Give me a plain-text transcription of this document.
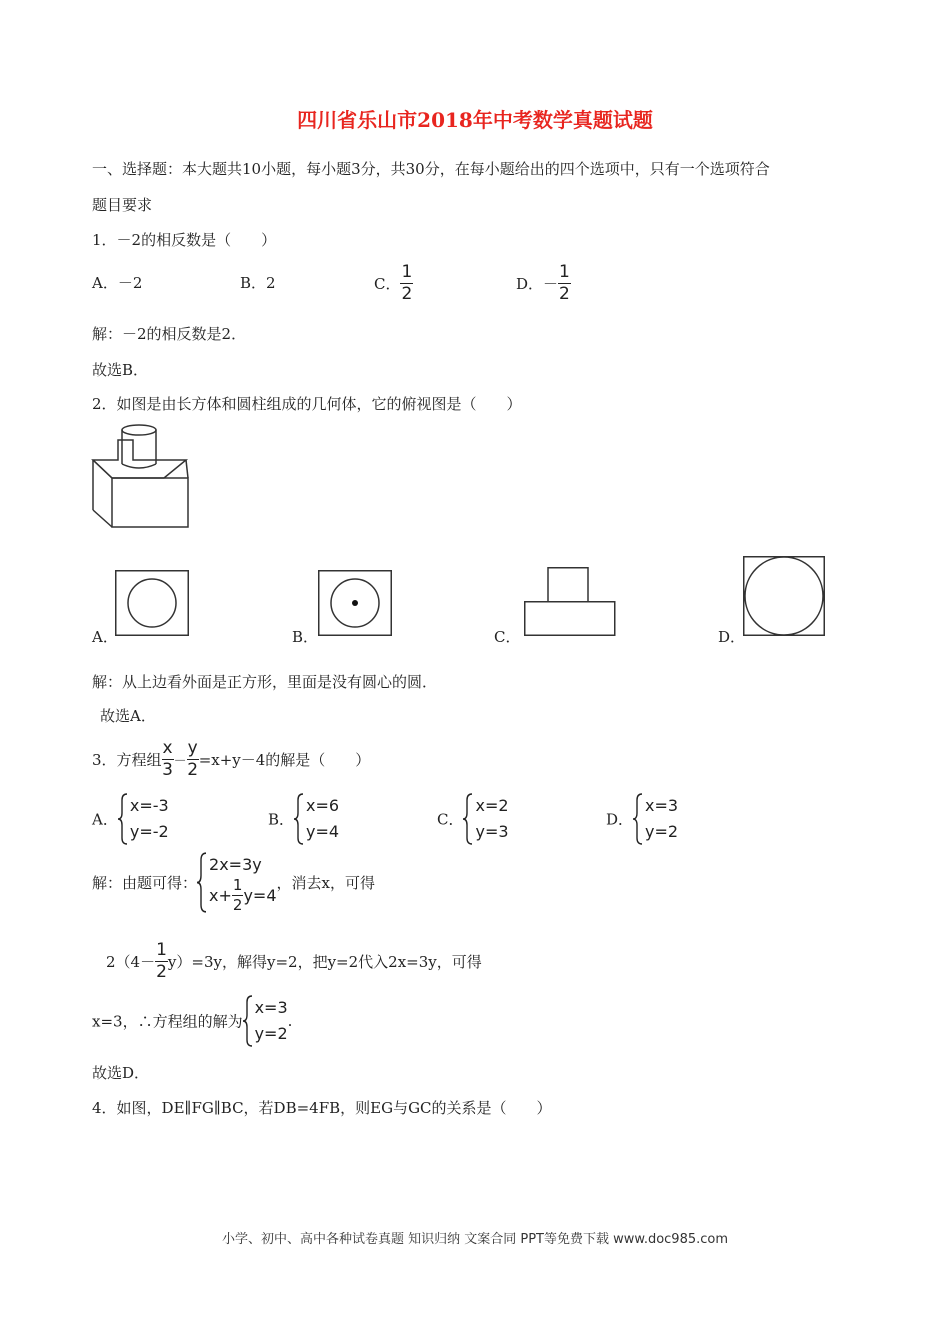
四川省乐山市2018年中考数学真题试题
一、选择题：本大题共10小题，每小题3分，共30分，在每小题给出的四个选项中，只有一个选项符合
题目要求
1．－2的相反数是（　　）
A．－2	B．2	C． $\frac{1}{2}$	D．－ $\frac{1}{2}$
解：－2的相反数是2．
故选B．
2．如图是由长方体和圆柱组成的几何体，它的俯视图是（　　）
A．	B．	C．	D．
解：从上边看外面是正方形，里面是没有圆心的圆．
故选A．
3．方程组 $\frac{x}{3} - \frac{y}{2} =x+y-4$的解是（　　）
A．
x=-3
y=-2
B．
x=6
y=4
C．
x=2
y=3
D．
x=3
y=2
解：由题可得：
2x=3y
$x+ \frac{1}{2} y=4$
，消去x，可得
$2(4- \frac{1}{2} y)=3y$，解得y=2，把y=2代入2x=3y，可得
x=3，∴方程组的解为
x=3
y=2
.
故选D．
4．如图，DE∥FG∥BC，若DB=4FB，则EG与GC的关系是（　　）
小学、初中、高中各种试卷真题 知识归纳 文案合同 PPT等免费下载 www.doc985.com
